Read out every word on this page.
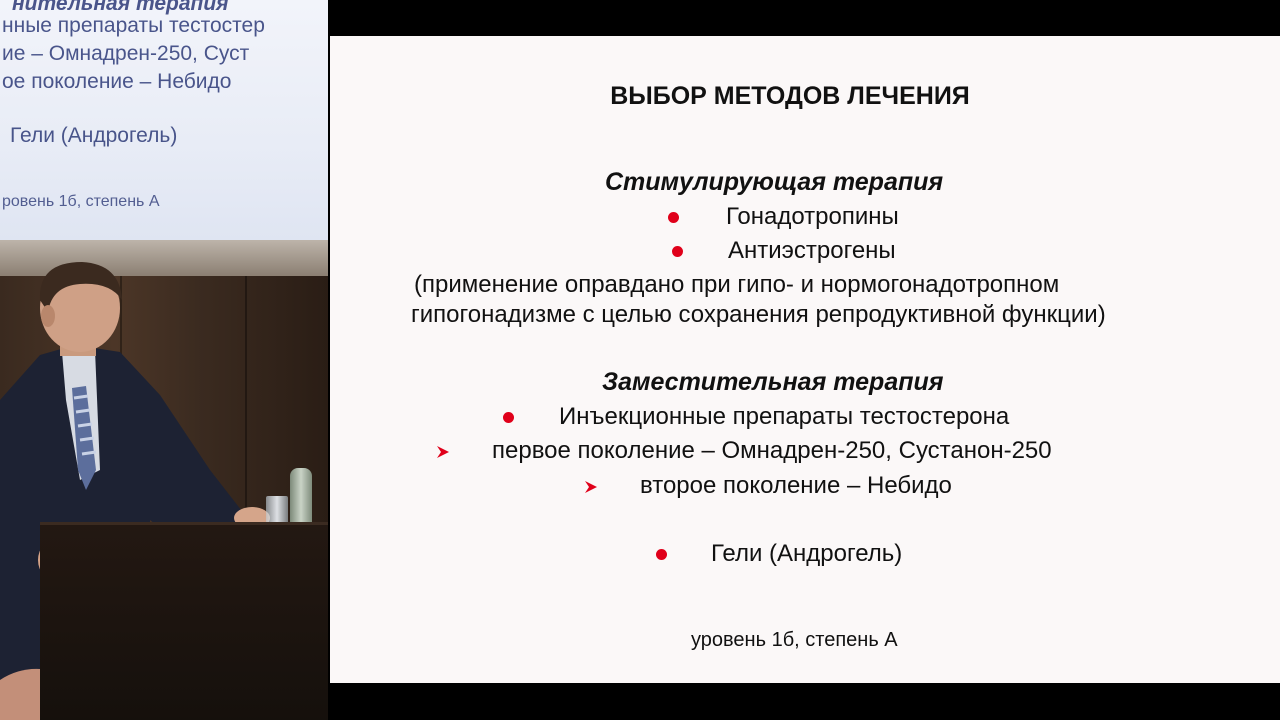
нительная терапия
нные препараты тестостер
ие – Омнадрен-250, Суст
ое поколение – Небидо
Гели (Андрогель)
ровень 1б, степень А
ВЫБОР МЕТОДОВ ЛЕЧЕНИЯ
Стимулирующая терапия
Гонадотропины
Антиэстрогены
(применение оправдано при гипо- и нормогонадотропном
гипогонадизме с целью сохранения репродуктивной функции)
Заместительная терапия
Инъекционные препараты тестостерона
первое поколение – Омнадрен-250, Сустанон-250
второе поколение – Небидо
Гели (Андрогель)
уровень 1б, степень А
